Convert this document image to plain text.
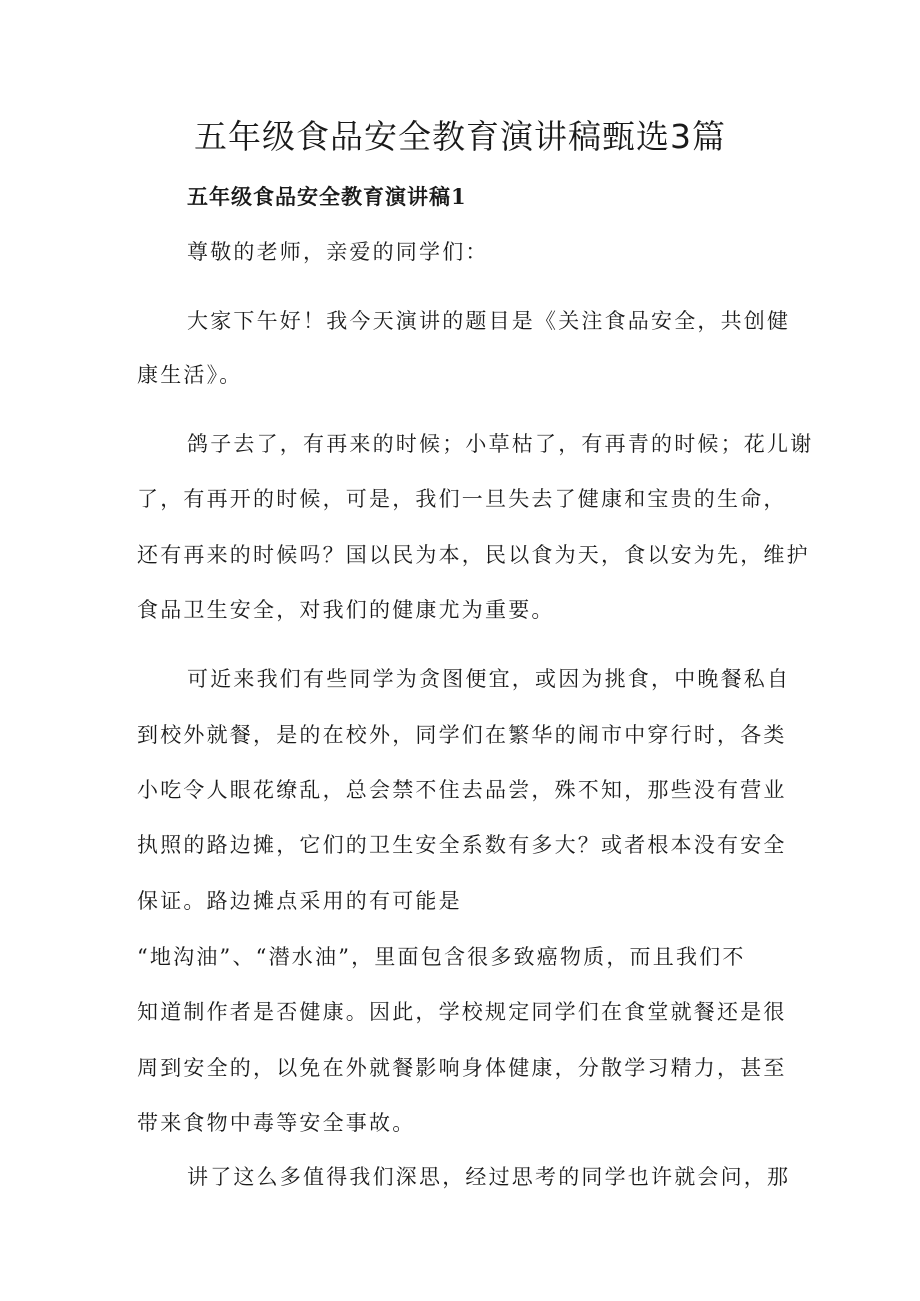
五年级食品安全教育演讲稿甄选3篇
五年级食品安全教育演讲稿1

尊敬的老师，亲爱的同学们：

大家下午好！我今天演讲的题目是《关注食品安全，共创健

康生活》。

鸽子去了，有再来的时候；小草枯了，有再青的时候；花儿谢

了，有再开的时候，可是，我们一旦失去了健康和宝贵的生命，

还有再来的时候吗？国以民为本，民以食为天，食以安为先，维护

食品卫生安全，对我们的健康尤为重要。

可近来我们有些同学为贪图便宜，或因为挑食，中晚餐私自

到校外就餐，是的在校外，同学们在繁华的闹市中穿行时，各类

小吃令人眼花缭乱，总会禁不住去品尝，殊不知，那些没有营业

执照的路边摊，它们的卫生安全系数有多大？或者根本没有安全

保证。路边摊点采用的有可能是

“地沟油”、“潜水油”，里面包含很多致癌物质，而且我们不

知道制作者是否健康。因此，学校规定同学们在食堂就餐还是很

周到安全的，以免在外就餐影响身体健康，分散学习精力，甚至

带来食物中毒等安全事故。

讲了这么多值得我们深思，经过思考的同学也许就会问，那
